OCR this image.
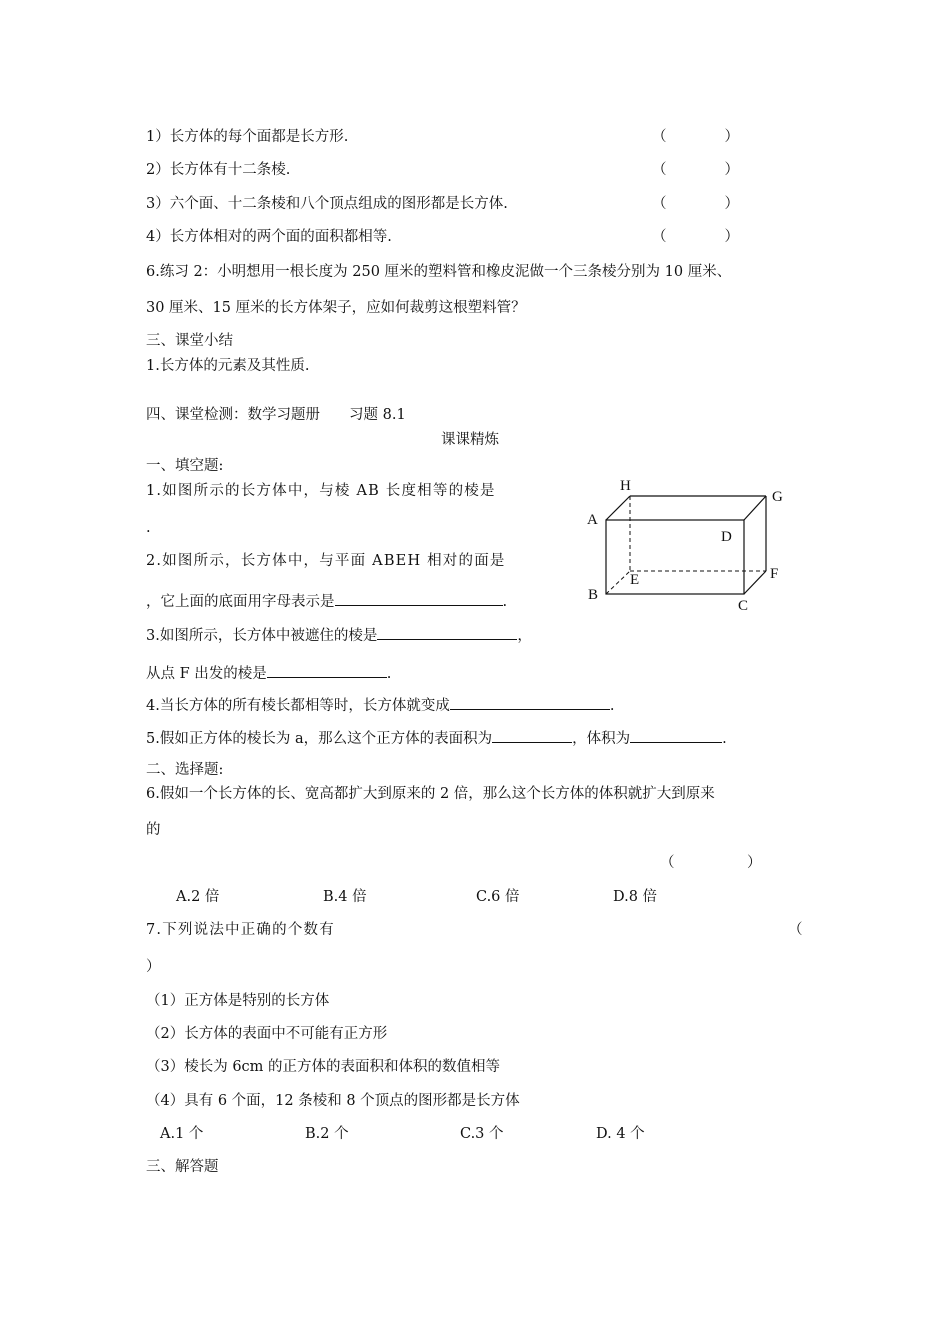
1）长方体的每个面都是长方形.	（　　　　）
2）长方体有十二条棱.	（　　　　）
3）六个面、十二条棱和八个顶点组成的图形都是长方体.	（　　　　）
4）长方体相对的两个面的面积都相等.	（　　　　）
6.练习 2：小明想用一根长度为 250 厘米的塑料管和橡皮泥做一个三条棱分别为 10 厘米、
30 厘米、15 厘米的长方体架子，应如何裁剪这根塑料管？
三、课堂小结
1.长方体的元素及其性质.
四、课堂检测：数学习题册　　习题 8.1
课课精炼
一、填空题:
1.如图所示的长方体中，与棱 AB 长度相等的棱是
.
2.如图所示，长方体中，与平面 ABEH 相对的面是
，它上面的底面用字母表示是	.
3.如图所示，长方体中被遮住的棱是	，
从点 F 出发的棱是	.
4.当长方体的所有棱长都相等时，长方体就变成	.
5.假如正方体的棱长为 a，那么这个正方体的表面积为	，体积为	.
二、选择题:
6.假如一个长方体的长、宽高都扩大到原来的 2 倍，那么这个长方体的体积就扩大到原来
的
（　　　　　）
A.2 倍	B.4 倍	C.6 倍	D.8 倍
7.下列说法中正确的个数有	（
）
（1）正方体是特别的长方体
（2）长方体的表面中不可能有正方形
（3）棱长为 6cm 的正方体的表面积和体积的数值相等
（4）具有 6 个面，12 条棱和 8 个顶点的图形都是长方体
A.1 个	B.2 个	C.3 个	D. 4 个
三、解答题
H
G
A
D
E	F
B
C
